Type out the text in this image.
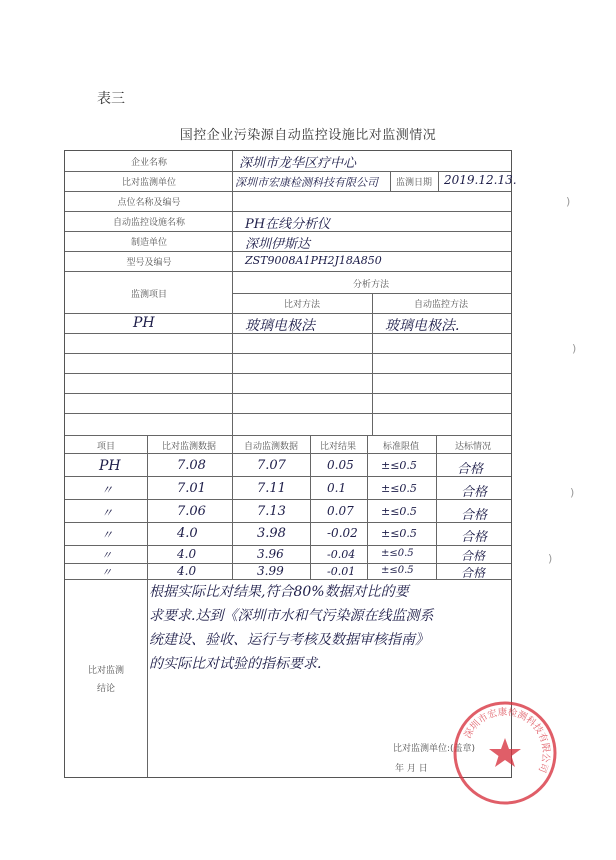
表三
国控企业污染源自动监控设施比对监测情况
企业名称	深圳市龙华区疗中心
比对监测单位	深圳市宏康检测科技有限公司 监测日期 2019.12.13.
点位名称及编号
自动监控设施名称	PH在线分析仪
制造单位	深圳伊斯达
型号及编号	ZST9008A1PH2J18A850
监测项目
分析方法
比对方法	自动监控方法
PH	玻璃电极法	玻璃电极法.
项目	比对监测数据	自动监测数据 比对结果	标准限值	达标情况
PH	7.08	7.07	0.05 ±≤0.5	合格
〃	7.01	7.11	0.1	±≤0.5	合格
〃	7.06	7.13	0.07 ±≤0.5	合格
〃	4.0	3.98	-0.02 ±≤0.5	合格
〃	4.0	3.96	-0.04	±≤0.5	合格
〃	4.0	3.99	-0.01	±≤0.5	合格
比对监测
结论
根据实际比对结果,符合80%数据对比的要
求要求.达到《深圳市水和气污染源在线监测系
统建设、验收、运行与考核及数据审核指南》
的实际比对试验的指标要求.
比对监测单位:(盖章)
年 月 日
深圳市宏康检测科技有限公司
)
)
)
)
